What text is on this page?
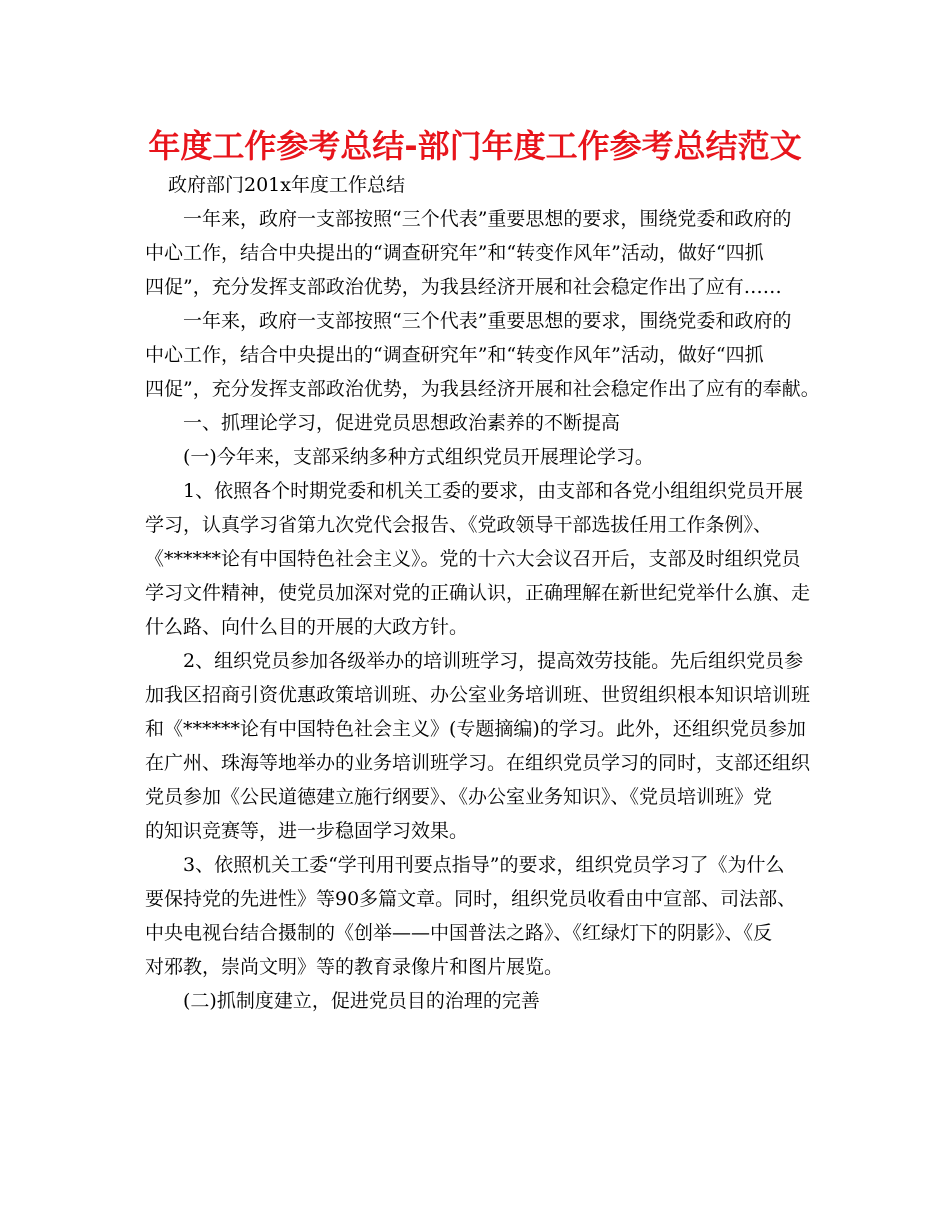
年度工作参考总结-部门年度工作参考总结范文
政府部门201x年度工作总结
一年来，政府一支部按照“三个代表”重要思想的要求，围绕党委和政府的
中心工作，结合中央提出的“调查研究年”和“转变作风年”活动，做好“四抓
四促”，充分发挥支部政治优势，为我县经济开展和社会稳定作出了应有……
一年来，政府一支部按照“三个代表”重要思想的要求，围绕党委和政府的
中心工作，结合中央提出的“调查研究年”和“转变作风年”活动，做好“四抓
四促”，充分发挥支部政治优势，为我县经济开展和社会稳定作出了应有的奉献。
一、抓理论学习，促进党员思想政治素养的不断提高
(一)今年来，支部采纳多种方式组织党员开展理论学习。
1、依照各个时期党委和机关工委的要求，由支部和各党小组组织党员开展
学习，认真学习省第九次党代会报告、《党政领导干部选拔任用工作条例》、
《******论有中国特色社会主义》。党的十六大会议召开后，支部及时组织党员
学习文件精神，使党员加深对党的正确认识，正确理解在新世纪党举什么旗、走
什么路、向什么目的开展的大政方针。
2、组织党员参加各级举办的培训班学习，提高效劳技能。先后组织党员参
加我区招商引资优惠政策培训班、办公室业务培训班、世贸组织根本知识培训班
和《******论有中国特色社会主义》(专题摘编)的学习。此外，还组织党员参加
在广州、珠海等地举办的业务培训班学习。在组织党员学习的同时，支部还组织
党员参加《公民道德建立施行纲要》、《办公室业务知识》、《党员培训班》党
的知识竞赛等，进一步稳固学习效果。
3、依照机关工委“学刊用刊要点指导”的要求，组织党员学习了《为什么
要保持党的先进性》等90多篇文章。同时，组织党员收看由中宣部、司法部、
中央电视台结合摄制的《创举——中国普法之路》、《红绿灯下的阴影》、《反
对邪教，崇尚文明》等的教育录像片和图片展览。
(二)抓制度建立，促进党员目的治理的完善
